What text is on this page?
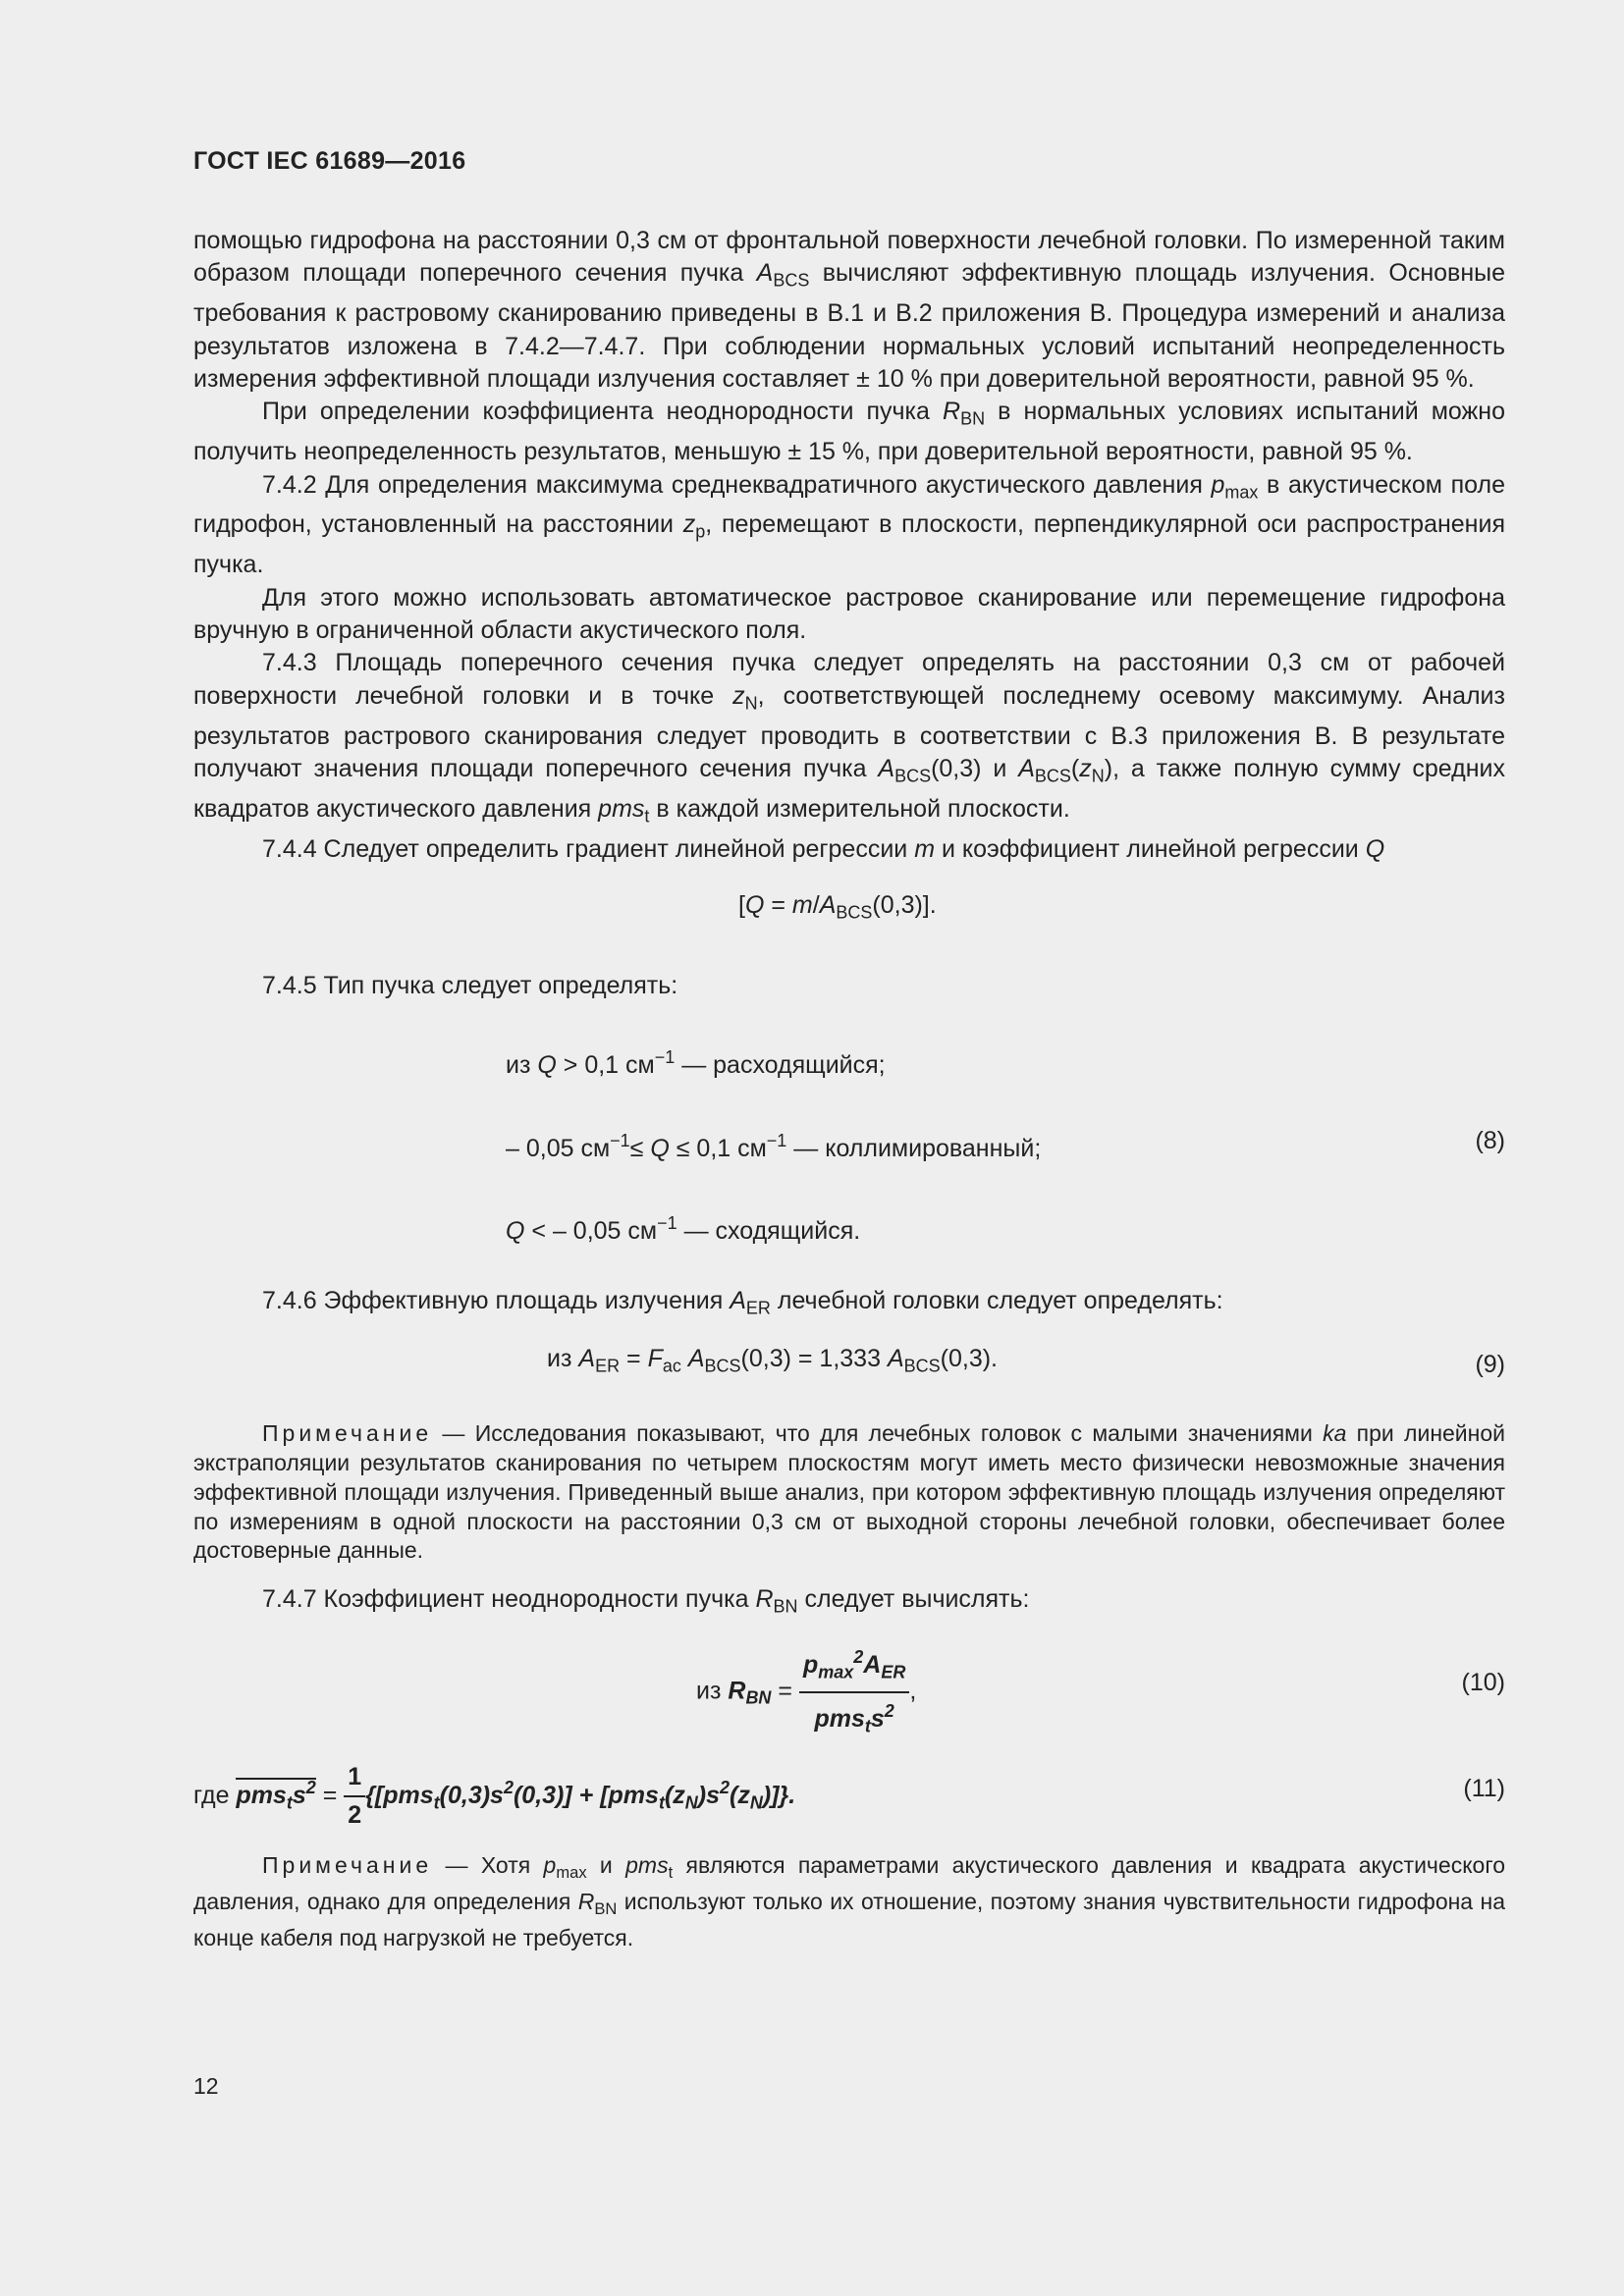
ГОСТ IEC 61689—2016

помощью гидрофона на расстоянии 0,3 см от фронтальной поверхности лечебной головки. По измеренной таким образом площади поперечного сечения пучка $A_{BCS}$ вычисляют эффективную площадь излучения. Основные требования к растровому сканированию приведены в В.1 и В.2 приложения В. Процедура измерений и анализа результатов изложена в 7.4.2—7.4.7. При соблюдении нормальных условий испытаний неопределенность измерения эффективной площади излучения составляет ± 10 % при доверительной вероятности, равной 95 %.

При определении коэффициента неоднородности пучка $R_{BN}$ в нормальных условиях испытаний можно получить неопределенность результатов, меньшую ± 15 %, при доверительной вероятности, равной 95 %.

7.4.2 Для определения максимума среднеквадратичного акустического давления $p_{max}$ в акустическом поле гидрофон, установленный на расстоянии $z_p$, перемещают в плоскости, перпендикулярной оси распространения пучка.

Для этого можно использовать автоматическое растровое сканирование или перемещение гидрофона вручную в ограниченной области акустического поля.

7.4.3 Площадь поперечного сечения пучка следует определять на расстоянии 0,3 см от рабочей поверхности лечебной головки и в точке $z_N$, соответствующей последнему осевому максимуму. Анализ результатов растрового сканирования следует проводить в соответствии с В.3 приложения В. В результате получают значения площади поперечного сечения пучка $A_{BCS}(0,3)$ и $A_{BCS}(z_N)$, а также полную сумму средних квадратов акустического давления pms$_t$ в каждой измерительной плоскости.

7.4.4 Следует определить градиент линейной регрессии m и коэффициент линейной регрессии Q

$[Q = m/A_{BCS}(0,3)]$.

7.4.5 Тип пучка следует определять:

из Q > 0,1 $см^{-1}$ — расходящийся;
– 0,05 $см^{-1}\le Q \le 0,1$ $см^{-1}$ — коллимированный;
Q < – 0,05 $см^{-1}$ — сходящийся.
(8)

7.4.6 Эффективную площадь излучения $A_{ER}$ лечебной головки следует определять:

из $A_{ER} = F_{ac}$ $A_{BCS}(0,3) = 1,333$ $A_{BCS}(0,3)$.	(9)

Примечание — Исследования показывают, что для лечебных головок с малыми значениями ka при линейной экстраполяции результатов сканирования по четырем плоскостям могут иметь место физически невозможные значения эффективной площади излучения. Приведенный выше анализ, при котором эффективную площадь излучения определяют по измерениям в одной плоскости на расстоянии 0,3 см от выходной стороны лечебной головки, обеспечивает более достоверные данные.

7.4.7 Коэффициент неоднородности пучка $R_{BN}$ следует вычислять:

из $R_{BN} = \frac{p_{max}^2A_{ER}}{pms_ts^2}$ ,	(10)
где $pms_ts^2 = \frac{1}{2} \{[pms_t(0,3)s^2(0,3)] + [pms_t(z_N)s^2(z_N)]\}$.	(11)

Примечание — Хотя $p_{max}$ и pms$_t$ являются параметрами акустического давления и квадрата акустического давления, однако для определения $R_{BN}$ используют только их отношение, поэтому знания чувствительности гидрофона на конце кабеля под нагрузкой не требуется.

12
